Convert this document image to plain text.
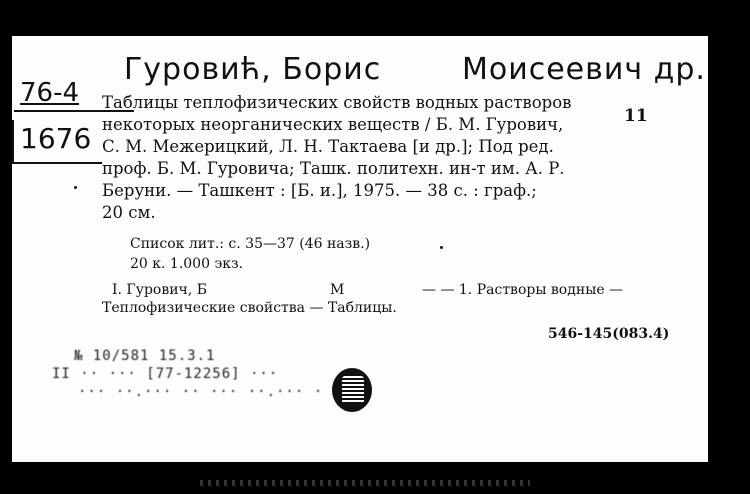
Гуровић, Борис	Моисеевич др.
76-4
1676
11
Таблицы теплофизических свойств водных растворов
некоторых неорганических веществ / Б. М. Гурович,
С. М. Межерицкий, Л. Н. Тактаева [и др.]; Под ред.
проф. Б. М. Гуровича; Ташк. политехн. ин-т им. А. Р.
Беруни. — Ташкент : [Б. и.], 1975. — 38 с. : граф.;
20 см.
Список лит.: с. 35—37 (46 назв.)
20 к. 1.000 экз.
I. Гурович, Б	М	— — 1. Растворы водные —
Теплофизические свойства — Таблицы.
546-145(083.4)
№ 10/581 15.3.1
II ·· ··· [77-12256] ···
··· ··.··· ·· ··· ··.··· ·
